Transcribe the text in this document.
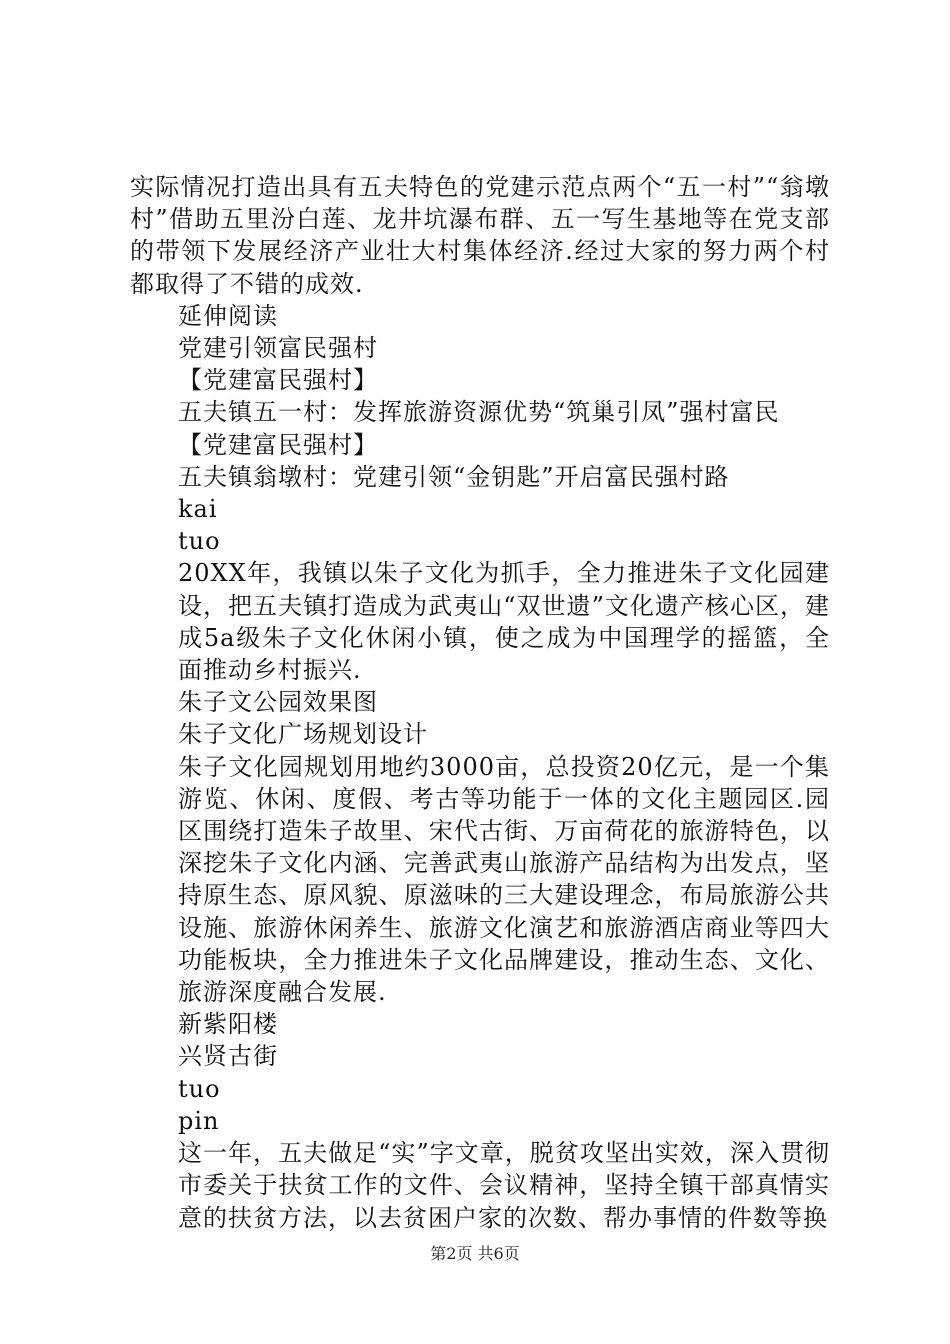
实际情况打造出具有五夫特色的党建示范点两个“五一村”“翁墩村”借助五里汾白莲、龙井坑瀑布群、五一写生基地等在党支部的带领下发展经济产业壮大村集体经济.经过大家的努力两个村都取得了不错的成效.

延伸阅读

党建引领富民强村

【党建富民强村】

五夫镇五一村：发挥旅游资源优势“筑巢引凤”强村富民

【党建富民强村】

五夫镇翁墩村：党建引领“金钥匙”开启富民强村路

kai

tuo

20XX年，我镇以朱子文化为抓手，全力推进朱子文化园建设，把五夫镇打造成为武夷山“双世遗”文化遗产核心区，建成5a级朱子文化休闲小镇，使之成为中国理学的摇篮，全面推动乡村振兴.

朱子文公园效果图

朱子文化广场规划设计

朱子文化园规划用地约3000亩，总投资20亿元，是一个集游览、休闲、度假、考古等功能于一体的文化主题园区.园区围绕打造朱子故里、宋代古街、万亩荷花的旅游特色，以深挖朱子文化内涵、完善武夷山旅游产品结构为出发点，坚持原生态、原风貌、原滋味的三大建设理念，布局旅游公共设施、旅游休闲养生、旅游文化演艺和旅游酒店商业等四大功能板块，全力推进朱子文化品牌建设，推动生态、文化、旅游深度融合发展.

新紫阳楼

兴贤古街

tuo

pin

这一年，五夫做足“实”字文章，脱贫攻坚出实效，深入贯彻市委关于扶贫工作的文件、会议精神，坚持全镇干部真情实意的扶贫方法，以去贫困户家的次数、帮办事情的件数等换

第2页 共6页
